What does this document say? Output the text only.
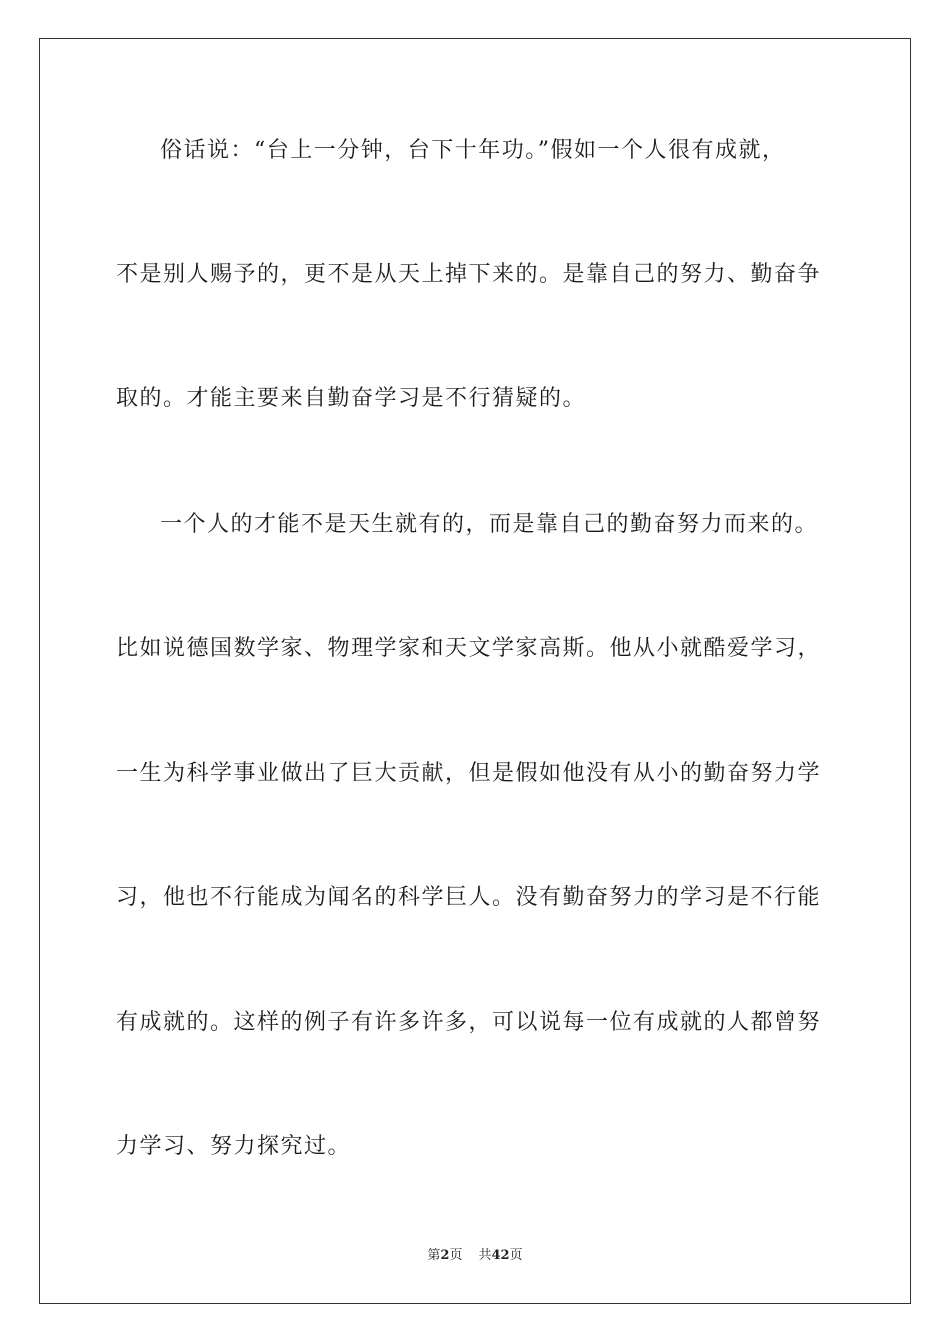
俗话说：“台上一分钟，台下十年功。”假如一个人很有成就，
不是别人赐予的，更不是从天上掉下来的。是靠自己的努力、勤奋争
取的。才能主要来自勤奋学习是不行猜疑的。
一个人的才能不是天生就有的，而是靠自己的勤奋努力而来的。
比如说德国数学家、物理学家和天文学家高斯。他从小就酷爱学习，
一生为科学事业做出了巨大贡献，但是假如他没有从小的勤奋努力学
习，他也不行能成为闻名的科学巨人。没有勤奋努力的学习是不行能
有成就的。这样的例子有许多许多，可以说每一位有成就的人都曾努
力学习、努力探究过。
第2页 共42页
